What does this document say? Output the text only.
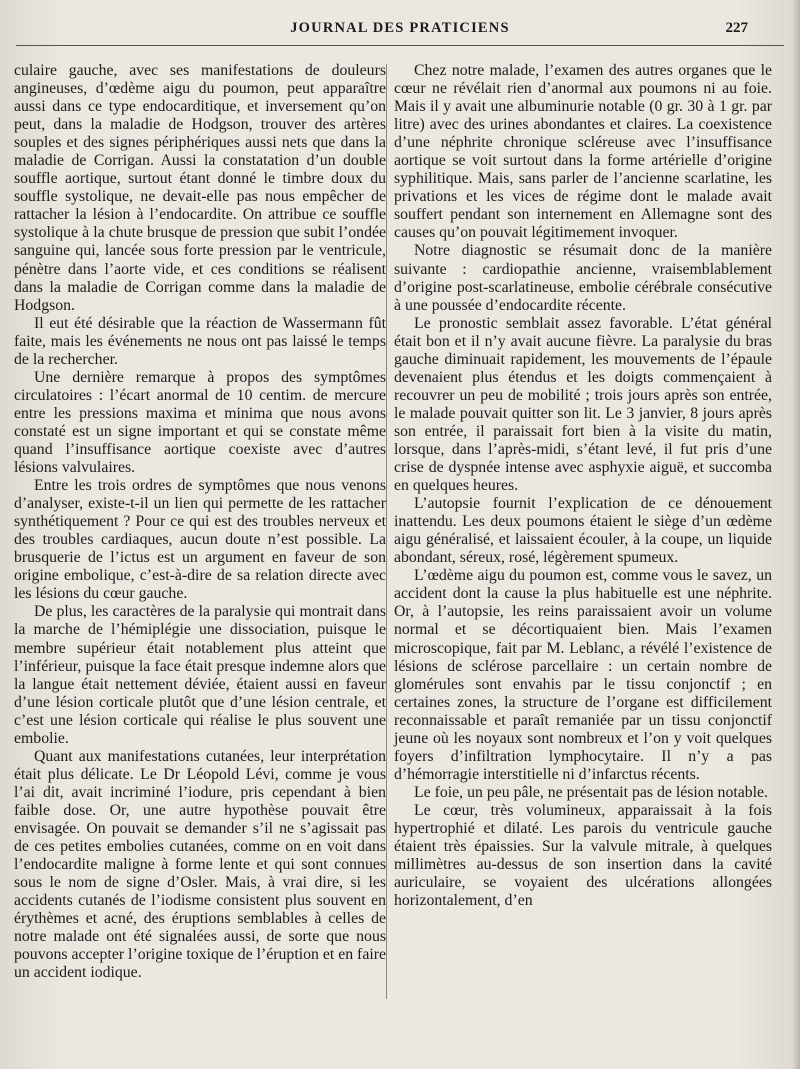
JOURNAL DES PRATICIENS	227

culaire gauche, avec ses manifestations de douleurs angineuses, d’œdème aigu du poumon, peut apparaître aussi dans ce type endocarditique, et inversement qu’on peut, dans la maladie de Hodgson, trouver des artères souples et des signes périphériques aussi nets que dans la maladie de Corrigan. Aussi la constatation d’un double souffle aortique, surtout étant donné le timbre doux du souffle systolique, ne devait-elle pas nous empêcher de rattacher la lésion à l’endocardite. On attribue ce souffle systolique à la chute brusque de pression que subit l’ondée sanguine qui, lancée sous forte pression par le ventricule, pénètre dans l’aorte vide, et ces conditions se réalisent dans la maladie de Corrigan comme dans la maladie de Hodgson.

Il eut été désirable que la réaction de Wassermann fût faite, mais les événements ne nous ont pas laissé le temps de la rechercher.

Une dernière remarque à propos des symptômes circulatoires : l’écart anormal de 10 centim. de mercure entre les pressions maxima et minima que nous avons constaté est un signe important et qui se constate même quand l’insuffisance aortique coexiste avec d’autres lésions valvulaires.

Entre les trois ordres de symptômes que nous venons d’analyser, existe-t-il un lien qui permette de les rattacher synthétiquement ? Pour ce qui est des troubles nerveux et des troubles cardiaques, aucun doute n’est possible. La brusquerie de l’ictus est un argument en faveur de son origine embolique, c’est-à-dire de sa relation directe avec les lésions du cœur gauche.

De plus, les caractères de la paralysie qui montrait dans la marche de l’hémiplégie une dissociation, puisque le membre supérieur était notablement plus atteint que l’inférieur, puisque la face était presque indemne alors que la langue était nettement déviée, étaient aussi en faveur d’une lésion corticale plutôt que d’une lésion centrale, et c’est une lésion corticale qui réalise le plus souvent une embolie.

Quant aux manifestations cutanées, leur interprétation était plus délicate. Le Dr Léopold Lévi, comme je vous l’ai dit, avait incriminé l’iodure, pris cependant à bien faible dose. Or, une autre hypothèse pouvait être envisagée. On pouvait se demander s’il ne s’agissait pas de ces petites embolies cutanées, comme on en voit dans l’endocardite maligne à forme lente et qui sont connues sous le nom de signe d’Osler. Mais, à vrai dire, si les accidents cutanés de l’iodisme consistent plus souvent en érythèmes et acné, des éruptions semblables à celles de notre malade ont été signalées aussi, de sorte que nous pouvons accepter l’origine toxique de l’éruption et en faire un accident iodique.

Chez notre malade, l’examen des autres organes que le cœur ne révélait rien d’anormal aux poumons ni au foie. Mais il y avait une albuminurie notable (0 gr. 30 à 1 gr. par litre) avec des urines abondantes et claires. La coexistence d’une néphrite chronique scléreuse avec l’insuffisance aortique se voit surtout dans la forme artérielle d’origine syphilitique. Mais, sans parler de l’ancienne scarlatine, les privations et les vices de régime dont le malade avait souffert pendant son internement en Allemagne sont des causes qu’on pouvait légitimement invoquer.

Notre diagnostic se résumait donc de la manière suivante : cardiopathie ancienne, vraisemblablement d’origine post-scarlatineuse, embolie cérébrale consécutive à une poussée d’endocardite récente.

Le pronostic semblait assez favorable. L’état général était bon et il n’y avait aucune fièvre. La paralysie du bras gauche diminuait rapidement, les mouvements de l’épaule devenaient plus étendus et les doigts commençaient à recouvrer un peu de mobilité ; trois jours après son entrée, le malade pouvait quitter son lit. Le 3 janvier, 8 jours après son entrée, il paraissait fort bien à la visite du matin, lorsque, dans l’après-midi, s’étant levé, il fut pris d’une crise de dyspnée intense avec asphyxie aiguë, et succomba en quelques heures.

L’autopsie fournit l’explication de ce dénouement inattendu. Les deux poumons étaient le siège d’un œdème aigu généralisé, et laissaient écouler, à la coupe, un liquide abondant, séreux, rosé, légèrement spumeux.

L’œdème aigu du poumon est, comme vous le savez, un accident dont la cause la plus habituelle est une néphrite. Or, à l’autopsie, les reins paraissaient avoir un volume normal et se décortiquaient bien. Mais l’examen microscopique, fait par M. Leblanc, a révélé l’existence de lésions de sclérose parcellaire : un certain nombre de glomérules sont envahis par le tissu conjonctif ; en certaines zones, la structure de l’organe est difficilement reconnaissable et paraît remaniée par un tissu conjonctif jeune où les noyaux sont nombreux et l’on y voit quelques foyers d’infiltration lymphocytaire. Il n’y a pas d’hémorragie interstitielle ni d’infarctus récents.

Le foie, un peu pâle, ne présentait pas de lésion notable.

Le cœur, très volumineux, apparaissait à la fois hypertrophié et dilaté. Les parois du ventricule gauche étaient très épaissies. Sur la valvule mitrale, à quelques millimètres au-dessus de son insertion dans la cavité auriculaire, se voyaient des ulcérations allongées horizontalement, d’en
